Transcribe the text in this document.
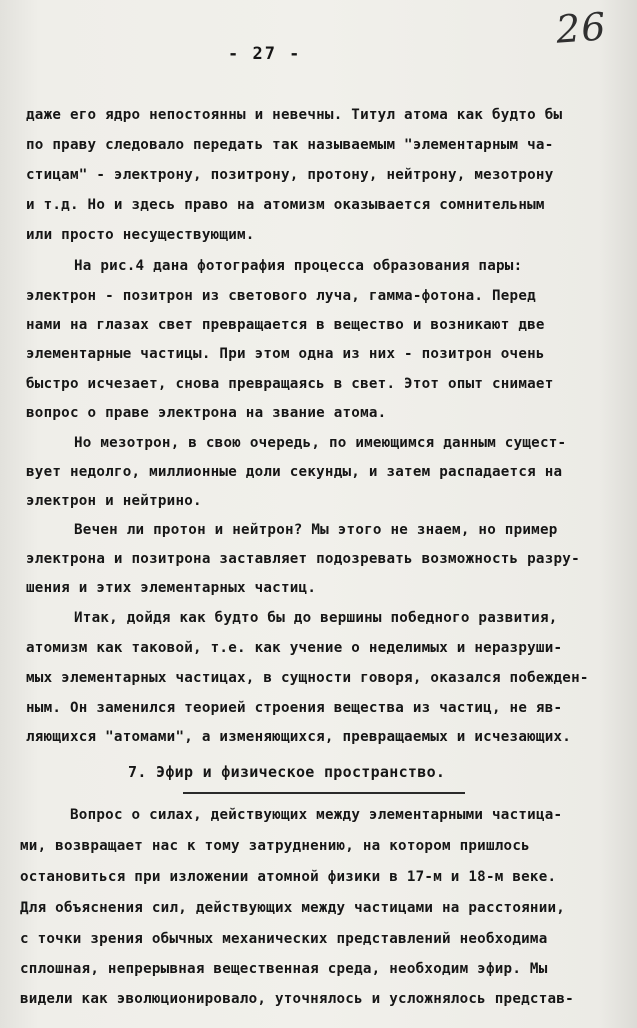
26
- 27 -
даже его ядро непостоянны и невечны. Титул атома как будто бы
по праву следовало передать так называемым "элементарным ча-
стицам" - электрону, позитрону, протону, нейтрону, мезотрону
и т.д. Но и здесь право на атомизм оказывается сомнительным
или просто несуществующим.
На рис.4 дана фотография процесса образования пары:
электрон - позитрон из светового луча, гамма-фотона. Перед
нами на глазах свет превращается в вещество и возникают две
элементарные частицы. При этом одна из них - позитрон очень
быстро исчезает, снова превращаясь в свет. Этот опыт снимает
вопрос о праве электрона на звание атома.
Но мезотрон, в свою очередь, по имеющимся данным сущест-
вует недолго, миллионные доли секунды, и затем распадается на
электрон и нейтрино.
Вечен ли протон и нейтрон? Мы этого не знаем, но пример
электрона и позитрона заставляет подозревать возможность разру-
шения и этих элементарных частиц.
Итак, дойдя как будто бы до вершины победного развития,
атомизм как таковой, т.е. как учение о неделимых и неразруши-
мых элементарных частицах, в сущности говоря, оказался побежден-
ным. Он заменился теорией строения вещества из частиц, не яв-
ляющихся "атомами", а изменяющихся, превращаемых и исчезающих.
7. Эфир и физическое пространство.
Вопрос о силах, действующих между элементарными частица-
ми, возвращает нас к тому затруднению, на котором пришлось
остановиться при изложении атомной физики в 17-м и 18-м веке.
Для объяснения сил, действующих между частицами на расстоянии,
с точки зрения обычных механических представлений необходима
сплошная, непрерывная вещественная среда, необходим эфир. Мы
видели как эволюционировало, уточнялось и усложнялось представ-
